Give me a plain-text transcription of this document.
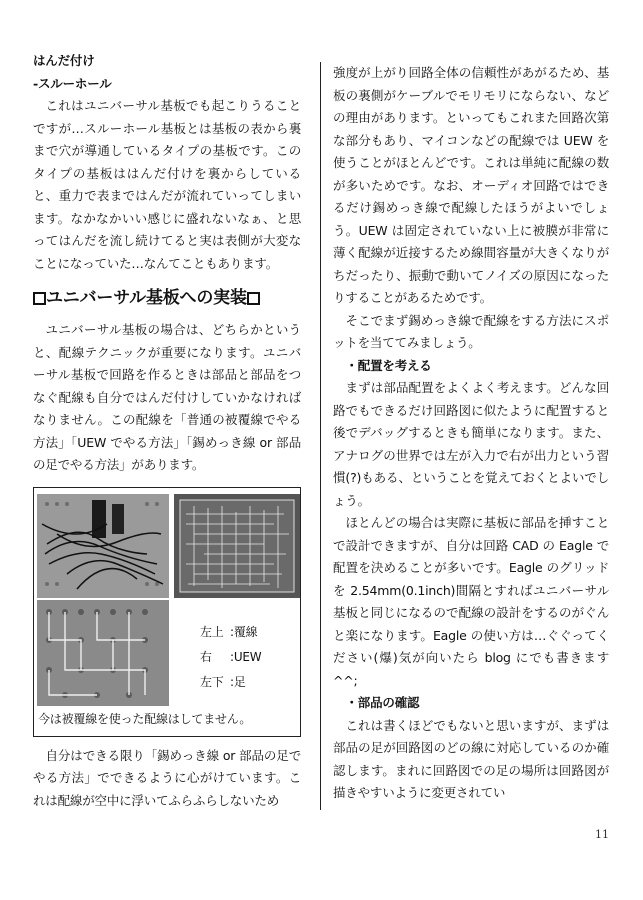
はんだ付け

-スルーホール

これはユニバーサル基板でも起こりうることですが…スルーホール基板とは基板の表から裏まで穴が導通しているタイプの基板です。このタイプの基板ははんだ付けを裏からしていると、重力で表まではんだが流れていってしまいます。なかなかいい感じに盛れないなぁ、と思ってはんだを流し続けてると実は表側が大変なことになっていた…なんてこともあります。

ユニバーサル基板への実装

ユニバーサル基板の場合は、どちらかというと、配線テクニックが重要になります。ユニバーサル基板で回路を作るときは部品と部品をつなぐ配線も自分ではんだ付けしていかなければなりません。この配線を「普通の被覆線でやる方法」「UEW でやる方法」「錫めっき線 or 部品の足でやる方法」があります。

左上 :覆線
右	:UEW
左下 :足
今は被覆線を使った配線はしてません。

自分はできる限り「錫めっき線 or 部品の足でやる方法」でできるように心がけています。これは配線が空中に浮いてふらふらしないため

強度が上がり回路全体の信頼性があがるため、基板の裏側がケーブルでモリモリにならない、などの理由があります。といってもこれまた回路次第な部分もあり、マイコンなどの配線では UEW を使うことがほとんどです。これは単純に配線の数が多いためです。なお、オーディオ回路ではできるだけ錫めっき線で配線したほうがよいでしょう。UEW は固定されていない上に被膜が非常に薄く配線が近接するため線間容量が大きくなりがちだったり、振動で動いてノイズの原因になったりすることがあるためです。

そこでまず錫めっき線で配線をする方法にスポットを当ててみましょう。

・配置を考える

まずは部品配置をよくよく考えます。どんな回路でもできるだけ回路図に似たように配置すると後でデバッグするときも簡単になります。また、アナログの世界では左が入力で右が出力という習慣(?)もある、ということを覚えておくとよいでしょう。

ほとんどの場合は実際に基板に部品を挿すことで設計できますが、自分は回路 CAD の Eagle で配置を決めることが多いです。Eagle のグリッドを 2.54mm(0.1inch)間隔とすればユニバーサル基板と同じになるので配線の設計をするのがぐんと楽になります。Eagle の使い方は…ぐぐってください(爆)気が向いたら blog にでも書きます^^;

・部品の確認

これは書くほどでもないと思いますが、まずは部品の足が回路図のどの線に対応しているのか確認します。まれに回路図での足の場所は回路図が描きやすいように変更されてい

11
